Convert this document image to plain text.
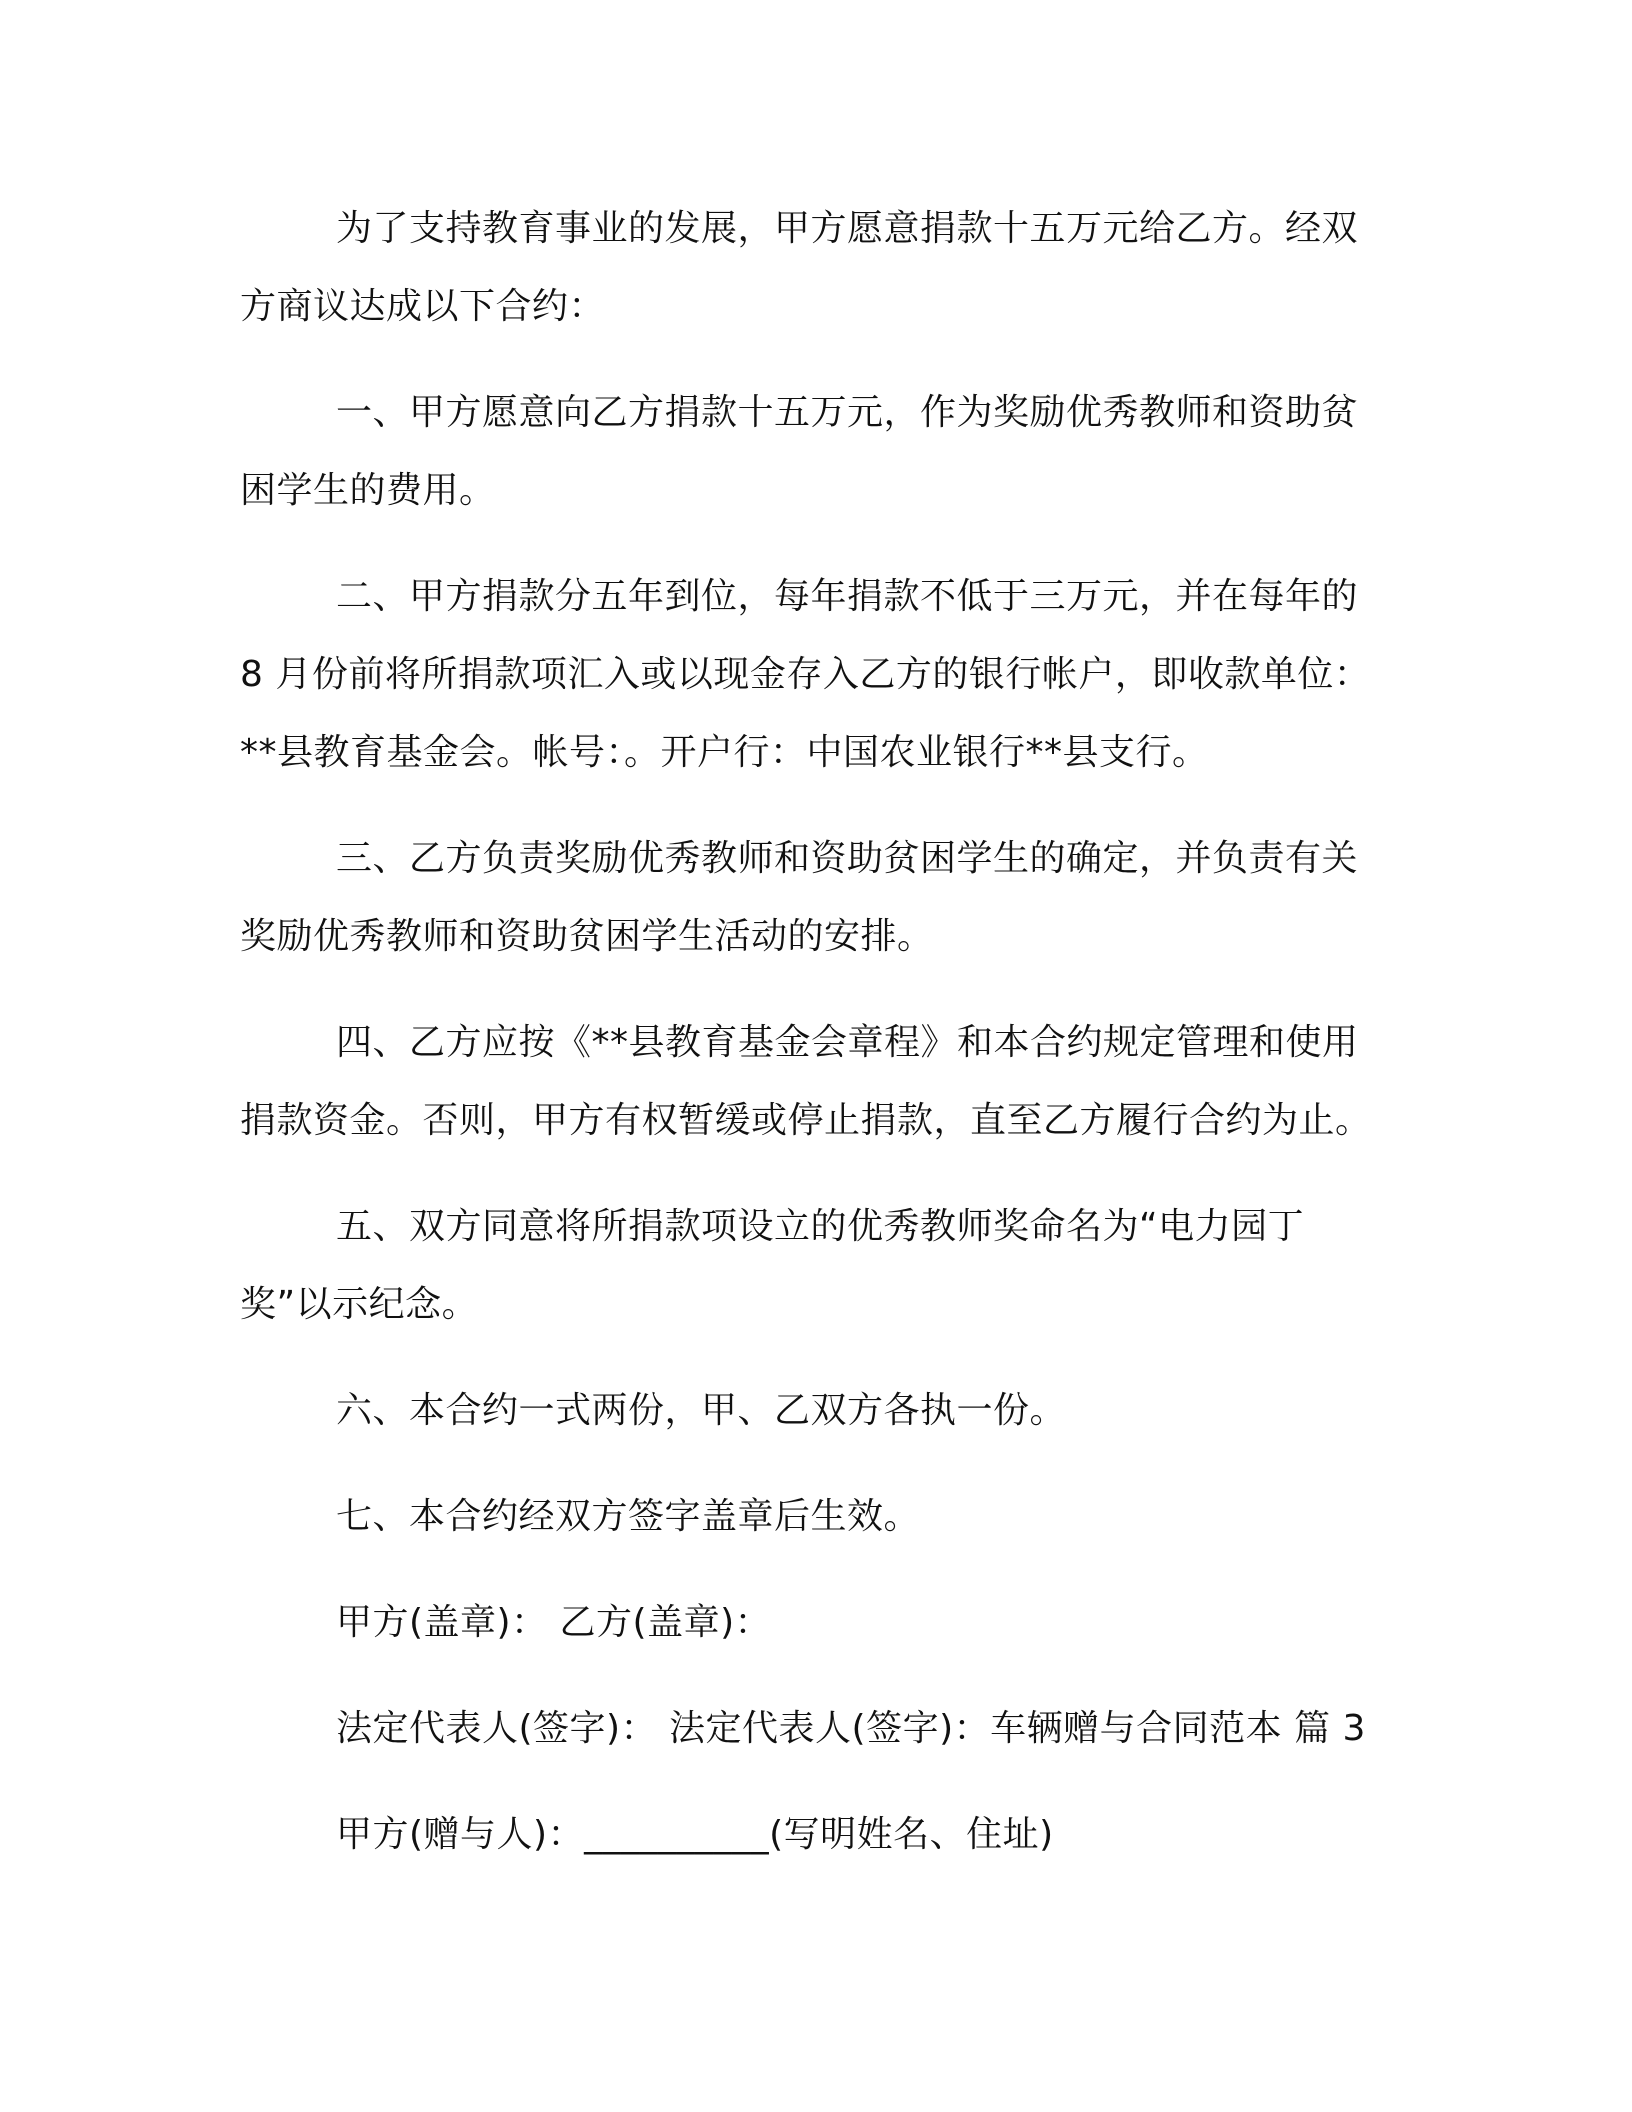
为了支持教育事业的发展，甲方愿意捐款十五万元给乙方。经双方商议达成以下合约：

一、甲方愿意向乙方捐款十五万元，作为奖励优秀教师和资助贫困学生的费用。

二、甲方捐款分五年到位，每年捐款不低于三万元，并在每年的 8 月份前将所捐款项汇入或以现金存入乙方的银行帐户，即收款单位：**县教育基金会。帐号：。开户行：中国农业银行**县支行。

三、乙方负责奖励优秀教师和资助贫困学生的确定，并负责有关奖励优秀教师和资助贫困学生活动的安排。

四、乙方应按《**县教育基金会章程》和本合约规定管理和使用捐款资金。否则，甲方有权暂缓或停止捐款，直至乙方履行合约为止。

五、双方同意将所捐款项设立的优秀教师奖命名为“电力园丁奖”以示纪念。

六、本合约一式两份，甲、乙双方各执一份。

七、本合约经双方签字盖章后生效。

甲方(盖章)： 乙方(盖章)：

法定代表人(签字)： 法定代表人(签字)：车辆赠与合同范本 篇 3

甲方(赠与人)：__________(写明姓名、住址)
